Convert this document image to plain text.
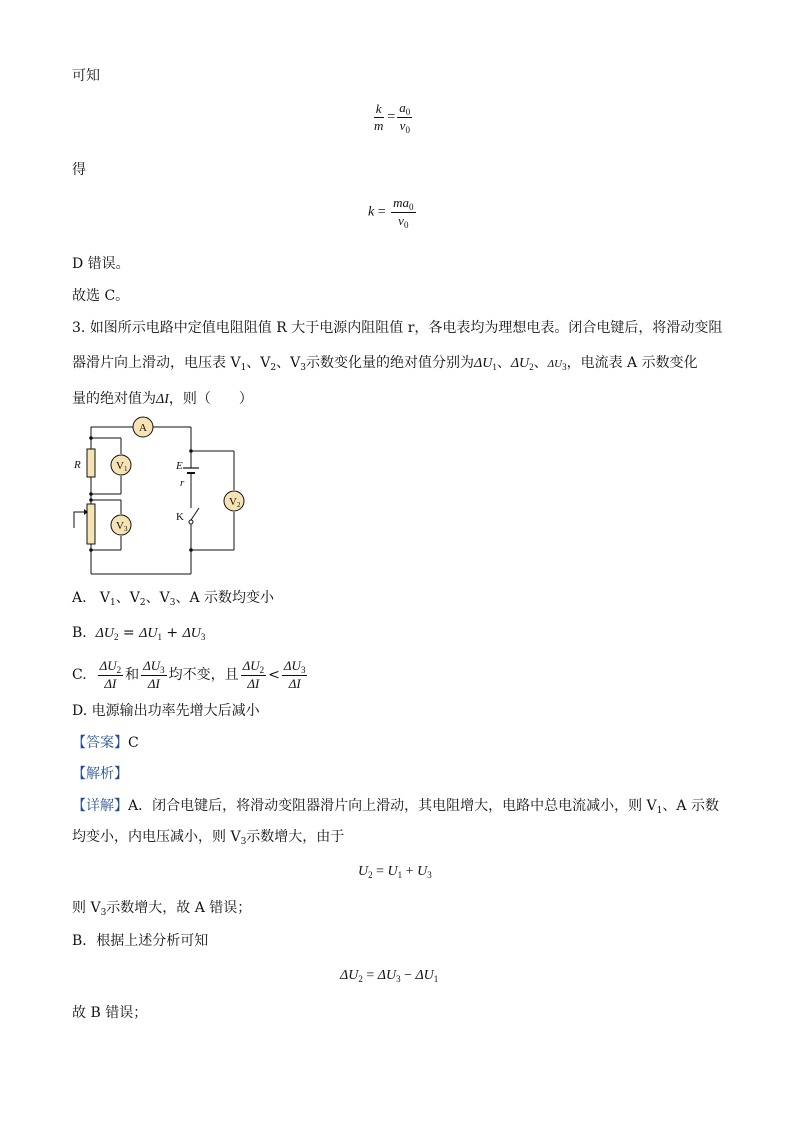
可知
$\frac{k}{m} = \frac{a_0}{v_0}$
得
$k = \frac{ma_0}{v_0}$
D 错误。
故选 C。
3. 如图所示电路中定值电阻阻值 R 大于电源内阻阻值 r，各电表均为理想电表。闭合电键后，将滑动变阻
器滑片向上滑动，电压表 $V_1$、$V_2$、$V_3$示数变化量的绝对值分别为$\Delta U_1$、$\Delta U_2$、$\Delta U_3$，电流表 A 示数变化
量的绝对值为ΔI，则（　　）
A
V1
V3
V2
R	E
r
K
A.   $V_1$、$V_2$、$V_3$、A 示数均变小
B. $\Delta U_2 = \Delta U_1 + \Delta U_3$
C.
$\frac{\Delta U_2}{\Delta I}$ 和 $\frac{\Delta U_3}{\Delta I}$ 均不变，且 $\frac{\Delta U_2}{\Delta I} < \frac{\Delta U_3}{\Delta I}$
D. 电源输出功率先增大后减小
【答案】C
【解析】
【详解】A．闭合电键后，将滑动变阻器滑片向上滑动，其电阻增大，电路中总电流减小，则 $V_1$、A 示数
均变小，内电压减小，则 $V_3$示数增大，由于
$U_2 = U_1 + U_3$
则 $V_3$示数增大，故 A 错误；
B．根据上述分析可知
$\Delta U_2 = \Delta U_3 - \Delta U_1$
故 B 错误；
